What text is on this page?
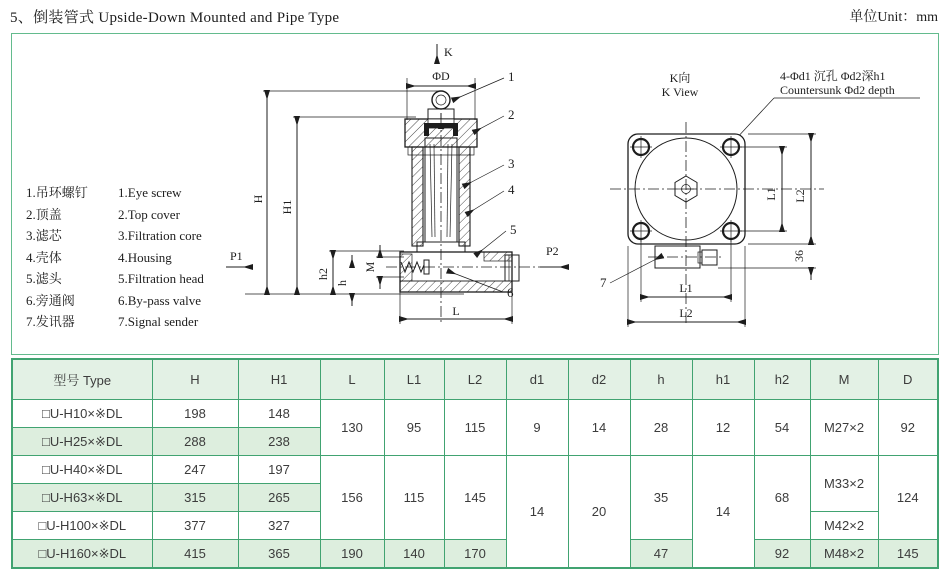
5、倒装管式 Upside-Down Mounted and Pipe Type	单位Unit：mm
1.吊环螺钉	1.Eye screw
2.顶盖	2.Top cover
3.滤芯	3.Filtration core
4.壳体	4.Housing
5.滤头	5.Filtration head
6.旁通阀	6.By-pass valve
7.发讯器	7.Signal sender
K
ΦD
P1	P2
H
H1
h2
h
M
L
1
2
3
4
5
6
K向
K View
4-Φd1 沉孔 Φd2深h1
Countersunk Φd2 depth
7
L1 L2
36
L1
L2
型号 Type	H	H1	L	L1	L2	d1	d2	h	h1	h2	M	D
□U-H10×※DL	198	148	130	95	115	9	14	28	12	54	M27×2	92
□U-H25×※DL	288	238										
□U-H40×※DL	247	197	156	115	145	14	20	35	14	68	M33×2	124
□U-H63×※DL	315	265										
□U-H100×※DL	377	327									M42×2	
□U-H160×※DL	415	365	190	140	170			47		92	M48×2	145
